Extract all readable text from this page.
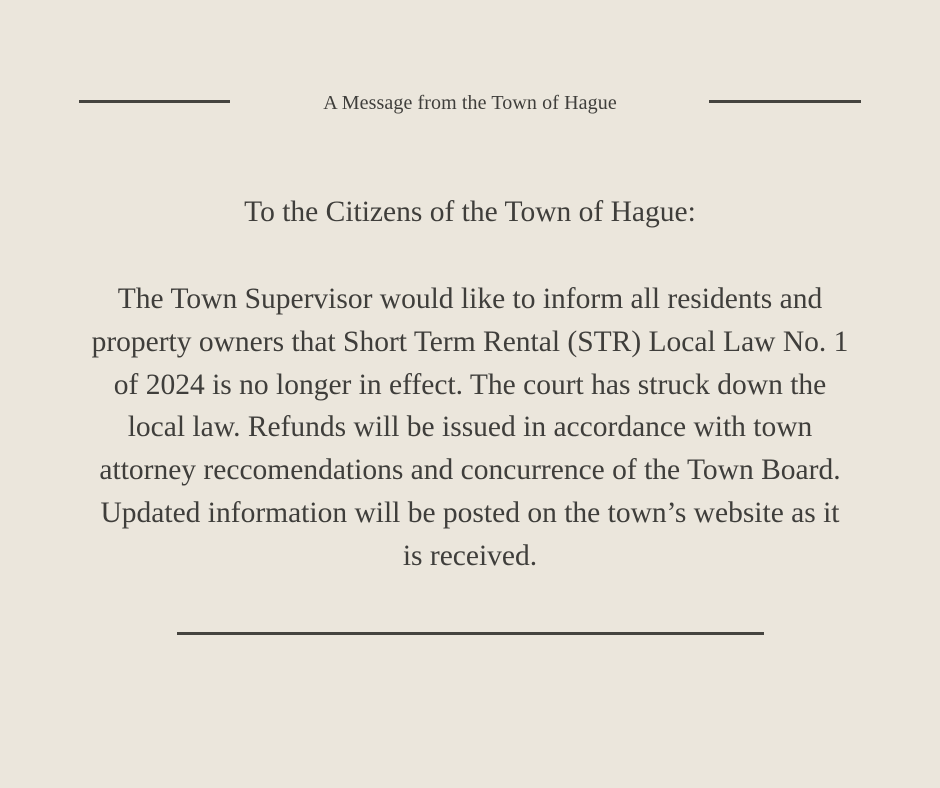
A Message from the Town of Hague
To the Citizens of the Town of Hague:
The Town Supervisor would like to inform all residents and property owners that Short Term Rental (STR) Local Law No. 1 of 2024 is no longer in effect. The court has struck down the local law. Refunds will be issued in accordance with town attorney reccomendations and concurrence of the Town Board. Updated information will be posted on the town’s website as it is received.
